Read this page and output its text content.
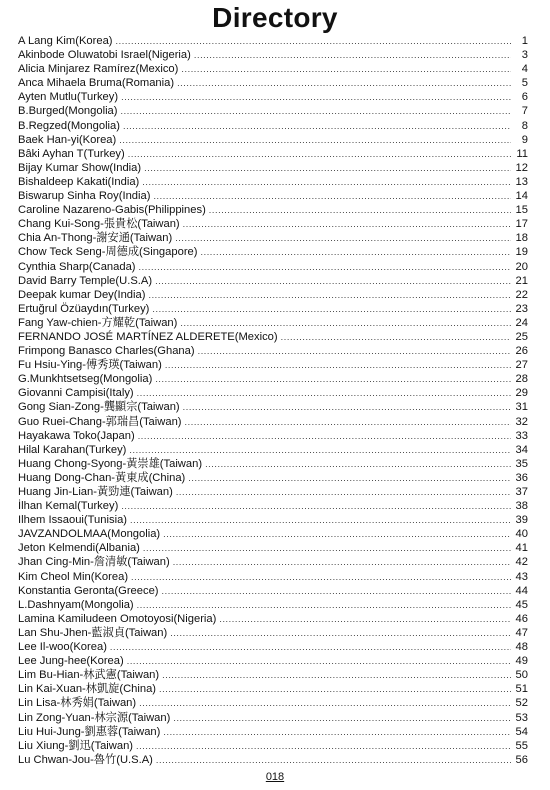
Directory
A Lang Kim(Korea) .....	1
Akinbode Oluwatobi Israel(Nigeria) .....	3
Alicia Minjarez Ramírez(Mexico) .....	4
Anca Mihaela Bruma(Romania) .....	5
Ayten Mutlu(Turkey) .....	6
B.Burged(Mongolia) .....	7
B.Regzed(Mongolia) .....	8
Baek Han-yi(Korea) .....	9
Bâki Ayhan T(Turkey) .....	11
Bijay Kumar Show(India) .....	12
Bishaldeep Kakati(India) .....	13
Biswarup Sinha Roy(India) .....	14
Caroline Nazareno-Gabis(Philippines) .....	15
Chang Kui-Song-張貴松(Taiwan) .....	17
Chia An-Thong-謝安通(Taiwan) .....	18
Chow Teck Seng-周德成(Singapore) .....	19
Cynthia Sharp(Canada) .....	20
David Barry Temple(U.S.A) .....	21
Deepak kumar Dey(India) .....	22
Ertuğrul Özüaydın(Turkey) .....	23
Fang Yaw-chien-方耀乾(Taiwan) .....	24
FERNANDO JOSÉ MARTÍNEZ ALDERETE(Mexico) .....	25
Frimpong Banasco Charles(Ghana) .....	26
Fu Hsiu-Ying-傅秀瑛(Taiwan) .....	27
G.Munkhtsetseg(Mongolia) .....	28
Giovanni Campisi(Italy) .....	29
Gong Sian-Zong-龔顯宗(Taiwan) .....	31
Guo Ruei-Chang-郭瑞昌(Taiwan) .....	32
Hayakawa Toko(Japan) .....	33
Hilal Karahan(Turkey) .....	34
Huang Chong-Syong-黃崇雄(Taiwan) .....	35
Huang Dong-Chan-黃東成(China) .....	36
Huang Jin-Lian-黃勁連(Taiwan) .....	37
İlhan Kemal(Turkey) .....	38
Ilhem Issaoui(Tunisia) .....	39
JAVZANDOLMAA(Mongolia) .....	40
Jeton Kelmendi(Albania) .....	41
Jhan Cing-Min-詹清敏(Taiwan) .....	42
Kim Cheol Min(Korea) .....	43
Konstantia Geronta(Greece) .....	44
L.Dashnyam(Mongolia) .....	45
Lamina Kamiludeen Omotoyosi(Nigeria) .....	46
Lan Shu-Jhen-藍淑貞(Taiwan) .....	47
Lee Il-woo(Korea) .....	48
Lee Jung-hee(Korea) .....	49
Lim Bu-Hian-林武憲(Taiwan) .....	50
Lin Kai-Xuan-林凱旋(China) .....	51
Lin Lisa-林秀娟(Taiwan) .....	52
Lin Zong-Yuan-林宗源(Taiwan) .....	53
Liu Hui-Jung-劉惠蓉(Taiwan) .....	54
Liu Xiung-劉迅(Taiwan) .....	55
Lu Chwan-Jou-魯竹(U.S.A) .....	56
018
